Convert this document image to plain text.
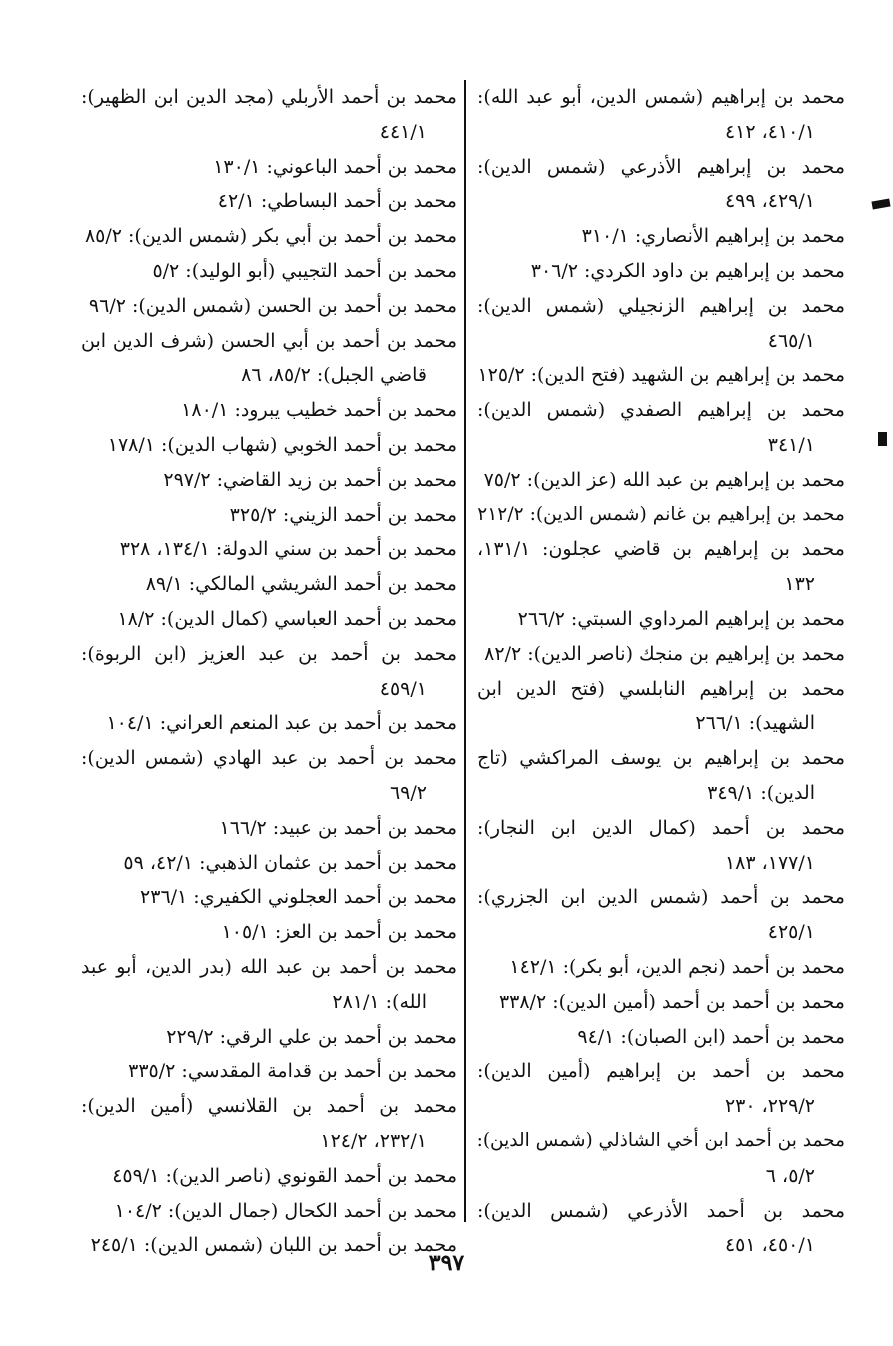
محمد بن إبراهيم (شمس الدين، أبو عبد الله):
٤١٠/١، ٤١٢
محمد بن إبراهيم الأذرعي (شمس الدين):
٤٢٩/١، ٤٩٩
محمد بن إبراهيم الأنصاري: ٣١٠/١
محمد بن إبراهيم بن داود الكردي: ٣٠٦/٢
محمد بن إبراهيم الزنجيلي (شمس الدين):
٤٦٥/١
محمد بن إبراهيم بن الشهيد (فتح الدين): ١٢٥/٢
محمد بن إبراهيم الصفدي (شمس الدين):
٣٤١/١
محمد بن إبراهيم بن عبد الله (عز الدين): ٧٥/٢
محمد بن إبراهيم بن غانم (شمس الدين): ٢١٢/٢
محمد بن إبراهيم بن قاضي عجلون: ١٣١/١،
١٣٢
محمد بن إبراهيم المرداوي السبتي: ٢٦٦/٢
محمد بن إبراهيم بن منجك (ناصر الدين): ٨٢/٢
محمد بن إبراهيم النابلسي (فتح الدين ابن
الشهيد): ٢٦٦/١
محمد بن إبراهيم بن يوسف المراكشي (تاج
الدين): ٣٤٩/١
محمد بن أحمد (كمال الدين ابن النجار):
١٧٧/١، ١٨٣
محمد بن أحمد (شمس الدين ابن الجزري):
٤٢٥/١
محمد بن أحمد (نجم الدين، أبو بكر): ١٤٢/١
محمد بن أحمد بن أحمد (أمين الدين): ٣٣٨/٢
محمد بن أحمد (ابن الصبان): ٩٤/١
محمد بن أحمد بن إبراهيم (أمين الدين):
٢٢٩/٢، ٢٣٠
محمد بن أحمد ابن أخي الشاذلي (شمس الدين):
٥/٢، ٦
محمد بن أحمد الأذرعي (شمس الدين):
٤٥٠/١، ٤٥١
محمد بن أحمد الأربلي (مجد الدين ابن الظهير):
٤٤١/١
محمد بن أحمد الباعوني: ١٣٠/١
محمد بن أحمد البساطي: ٤٢/١
محمد بن أحمد بن أبي بكر (شمس الدين): ٨٥/٢
محمد بن أحمد التجيبي (أبو الوليد): ٥/٢
محمد بن أحمد بن الحسن (شمس الدين): ٩٦/٢
محمد بن أحمد بن أبي الحسن (شرف الدين ابن
قاضي الجبل): ٨٥/٢، ٨٦
محمد بن أحمد خطيب يبرود: ١٨٠/١
محمد بن أحمد الخوبي (شهاب الدين): ١٧٨/١
محمد بن أحمد بن زيد القاضي: ٢٩٧/٢
محمد بن أحمد الزيني: ٣٢٥/٢
محمد بن أحمد بن سني الدولة: ١٣٤/١، ٣٢٨
محمد بن أحمد الشريشي المالكي: ٨٩/١
محمد بن أحمد العباسي (كمال الدين): ١٨/٢
محمد بن أحمد بن عبد العزيز (ابن الربوة):
٤٥٩/١
محمد بن أحمد بن عبد المنعم العراني: ١٠٤/١
محمد بن أحمد بن عبد الهادي (شمس الدين):
٦٩/٢
محمد بن أحمد بن عبيد: ١٦٦/٢
محمد بن أحمد بن عثمان الذهبي: ٤٢/١، ٥٩
محمد بن أحمد العجلوني الكفيري: ٢٣٦/١
محمد بن أحمد بن العز: ١٠٥/١
محمد بن أحمد بن عبد الله (بدر الدين، أبو عبد
الله): ٢٨١/١
محمد بن أحمد بن علي الرقي: ٢٢٩/٢
محمد بن أحمد بن قدامة المقدسي: ٣٣٥/٢
محمد بن أحمد بن القلانسي (أمين الدين):
٢٣٢/١، ١٢٤/٢
محمد بن أحمد القونوي (ناصر الدين): ٤٥٩/١
محمد بن أحمد الكحال (جمال الدين): ١٠٤/٢
محمد بن أحمد بن اللبان (شمس الدين): ٢٤٥/١
٣٩٧
